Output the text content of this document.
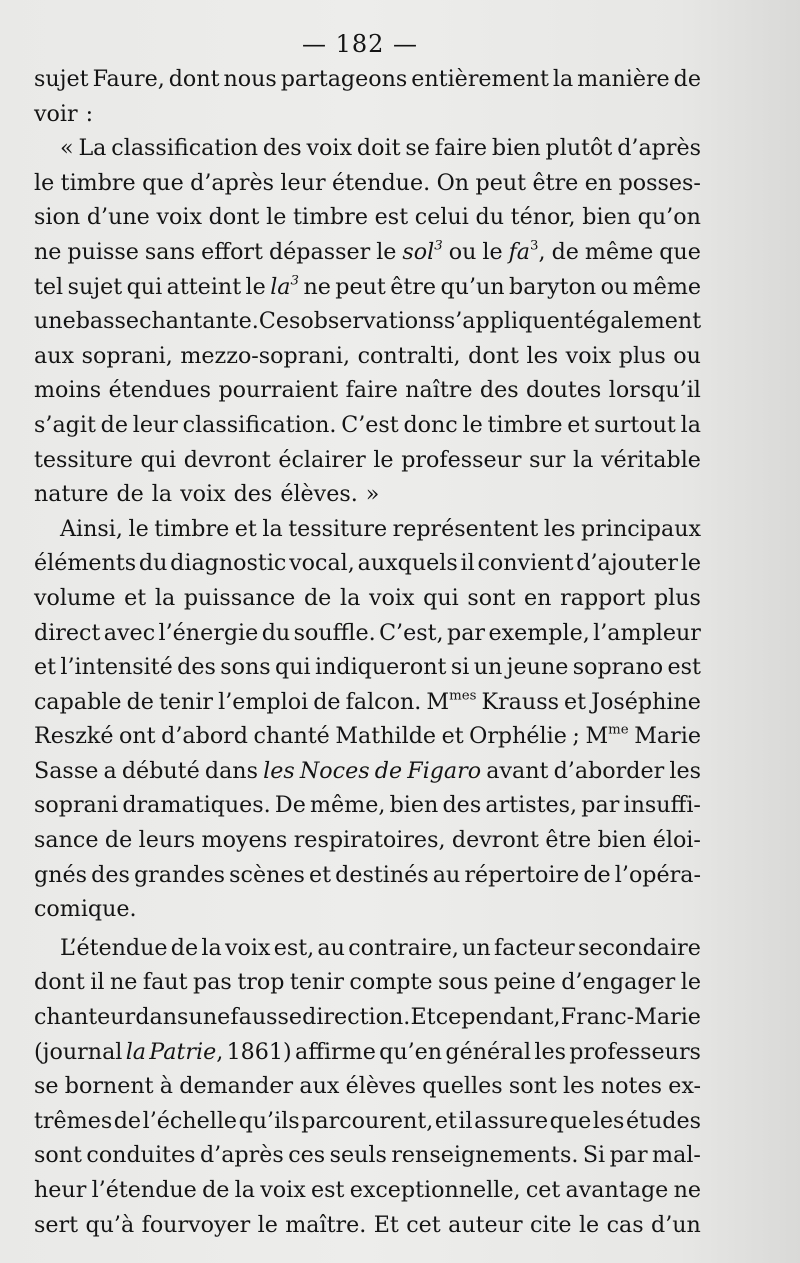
— 182 —
sujet Faure, dont nous partageons entièrement la manière de
voir :
« La classification des voix doit se faire bien plutôt d’après
le timbre que d’après leur étendue. On peut être en posses-
sion d’une voix dont le timbre est celui du ténor, bien qu’on
ne puisse sans effort dépasser le sol$^3$ ou le $fa^3$, de même que
tel sujet qui atteint le $la^3$ ne peut être qu’un baryton ou même
une basse chantante. Ces observations s’appliquent également
aux soprani, mezzo-soprani, contralti, dont les voix plus ou
moins étendues pourraient faire naître des doutes lorsqu’il
s’agit de leur classification. C’est donc le timbre et surtout la
tessiture qui devront éclairer le professeur sur la véritable
nature de la voix des élèves. »
Ainsi, le timbre et la tessiture représentent les principaux
éléments du diagnostic vocal, auxquels il convient d’ajouter le
volume et la puissance de la voix qui sont en rapport plus
direct avec l’énergie du souffle. C’est, par exemple, l’ampleur
et l’intensité des sons qui indiqueront si un jeune soprano est
capable de tenir l’emploi de falcon. $M^{mes}$ Krauss et Joséphine
Reszké ont d’abord chanté Mathilde et Orphélie ; $M^{me}$ Marie
Sasse a débuté dans les Noces de Figaro avant d’aborder les
soprani dramatiques. De même, bien des artistes, par insuffi-
sance de leurs moyens respiratoires, devront être bien éloi-
gnés des grandes scènes et destinés au répertoire de l’opéra-
comique.
L’étendue de la voix est, au contraire, un facteur secondaire
dont il ne faut pas trop tenir compte sous peine d’engager le
chanteur dans une fausse direction. Et cependant, Franc-Marie
(journal la Patrie, 1861) affirme qu’en général les professeurs
se bornent à demander aux élèves quelles sont les notes ex-
trêmes de l’échelle qu’ils parcourent, et il assure que les études
sont conduites d’après ces seuls renseignements. Si par mal-
heur l’étendue de la voix est exceptionnelle, cet avantage ne
sert qu’à fourvoyer le maître. Et cet auteur cite le cas d’un
